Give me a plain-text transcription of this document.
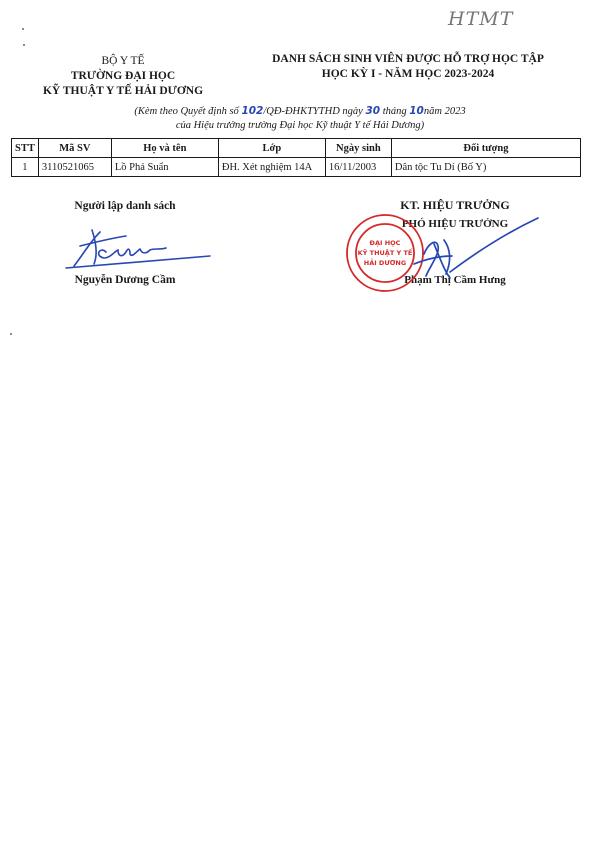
HTMT
BỘ Y TẾ
TRƯỜNG ĐẠI HỌC
KỸ THUẬT Y TẾ HẢI DƯƠNG
DANH SÁCH SINH VIÊN ĐƯỢC HỖ TRỢ HỌC TẬP
HỌC KỲ I - NĂM HỌC 2023-2024
(Kèm theo Quyết định số 102/QĐ-ĐHKTYTHD ngày 30 tháng 10năm 2023
của Hiệu trưởng trường Đại học Kỹ thuật Y tế Hải Dương)
STT	Mã SV	Họ và tên	Lớp	Ngày sinh	Đối tượng
1	3110521065	Lồ Phả Suẩn	ĐH. Xét nghiệm 14A	16/11/2003	Dân tộc Tu Dí (Bố Y)
Người lập danh sách
Nguyễn Dương Cầm
KT. HIỆU TRƯỞNG
PHÓ HIỆU TRƯỞNG
Phạm Thị Cầm Hưng
ĐẠI HỌC
KỸ THUẬT Y TẾ
HẢI DƯƠNG
